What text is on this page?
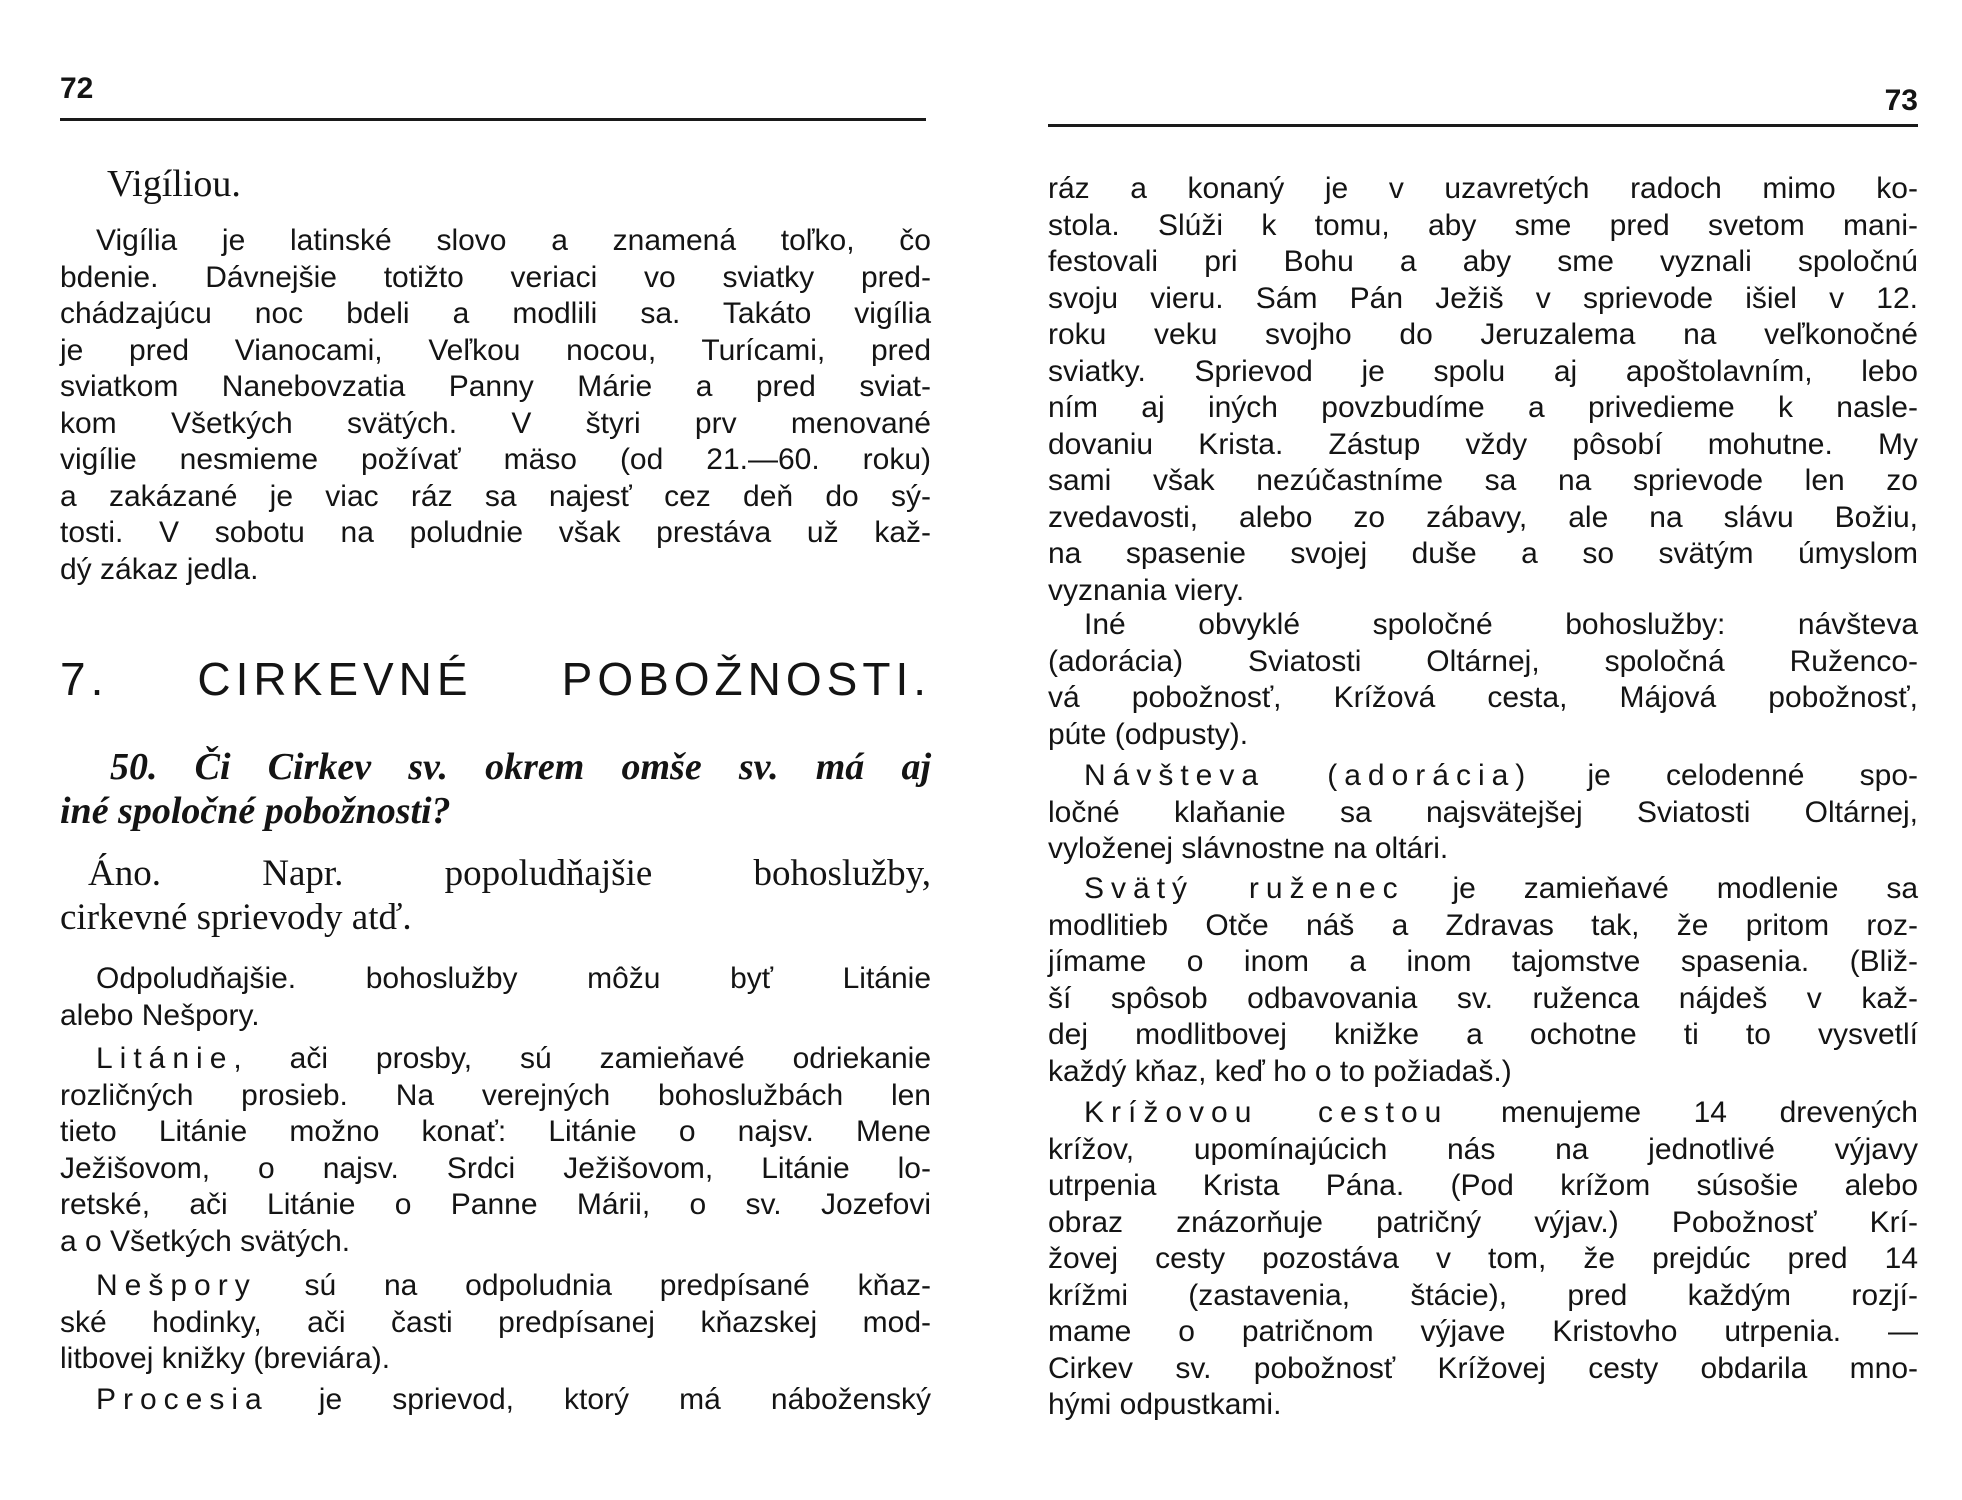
72
Vigíliou.
Vigília je latinské slovo a znamená toľko, čo
bdenie. Dávnejšie totižto veriaci vo sviatky pred-
chádzajúcu noc bdeli a modlili sa. Takáto vigília
je pred Vianocami, Veľkou nocou, Turícami, pred
sviatkom Nanebovzatia Panny Márie a pred sviat-
kom Všetkých svätých. V štyri prv menované
vigílie nesmieme požívať mäso (od 21.—60. roku)
a zakázané je viac ráz sa najesť cez deň do sý-
tosti. V sobotu na poludnie však prestáva už kaž-
dý zákaz jedla.
7. CIRKEVNÉ POBOŽNOSTI.
50. Či Cirkev sv. okrem omše sv. má aj
iné spoločné pobožnosti?
Áno. Napr. popoludňajšie bohoslužby,
cirkevné sprievody atď.
Odpoludňajšie. bohoslužby môžu byť Litánie
alebo Nešpory.
Litánie, ači prosby, sú zamieňavé odriekanie
rozličných prosieb. Na verejných bohoslužbách len
tieto Litánie možno konať: Litánie o najsv. Mene
Ježišovom, o najsv. Srdci Ježišovom, Litánie lo-
retské, ači Litánie o Panne Márii, o sv. Jozefovi
a o Všetkých svätých.
Nešpory sú na odpoludnia predpísané kňaz-
ské hodinky, ači časti predpísanej kňazskej mod-
litbovej knižky (breviára).
Procesia je sprievod, ktorý má náboženský
73
ráz a konaný je v uzavretých radoch mimo ko-
stola. Slúži k tomu, aby sme pred svetom mani-
festovali pri Bohu a aby sme vyznali spoločnú
svoju vieru. Sám Pán Ježiš v sprievode išiel v 12.
roku veku svojho do Jeruzalema na veľkonočné
sviatky. Sprievod je spolu aj apoštolavním, lebo
ním aj iných povzbudíme a privedieme k nasle-
dovaniu Krista. Zástup vždy pôsobí mohutne. My
sami však nezúčastníme sa na sprievode len zo
zvedavosti, alebo zo zábavy, ale na slávu Božiu,
na spasenie svojej duše a so svätým úmyslom
vyznania viery.
Iné obvyklé spoločné bohoslužby: návšteva
(adorácia) Sviatosti Oltárnej, spoločná Ruženco-
vá pobožnosť, Krížová cesta, Májová pobožnosť,
púte (odpusty).
Návšteva (adorácia) je celodenné spo-
ločné klaňanie sa najsvätejšej Sviatosti Oltárnej,
vyloženej slávnostne na oltári.
Svätý ruženec je zamieňavé modlenie sa
modlitieb Otče náš a Zdravas tak, že pritom roz-
jímame o inom a inom tajomstve spasenia. (Bliž-
ší spôsob odbavovania sv. ruženca nájdeš v kaž-
dej modlitbovej knižke a ochotne ti to vysvetlí
každý kňaz, keď ho o to požiadaš.)
Krížovou cestou menujeme 14 drevených
krížov, upomínajúcich nás na jednotlivé výjavy
utrpenia Krista Pána. (Pod krížom súsošie alebo
obraz znázorňuje patričný výjav.) Pobožnosť Krí-
žovej cesty pozostáva v tom, že prejdúc pred 14
krížmi (zastavenia, štácie), pred každým rozjí-
mame o patričnom výjave Kristovho utrpenia. —
Cirkev sv. pobožnosť Krížovej cesty obdarila mno-
hými odpustkami.
